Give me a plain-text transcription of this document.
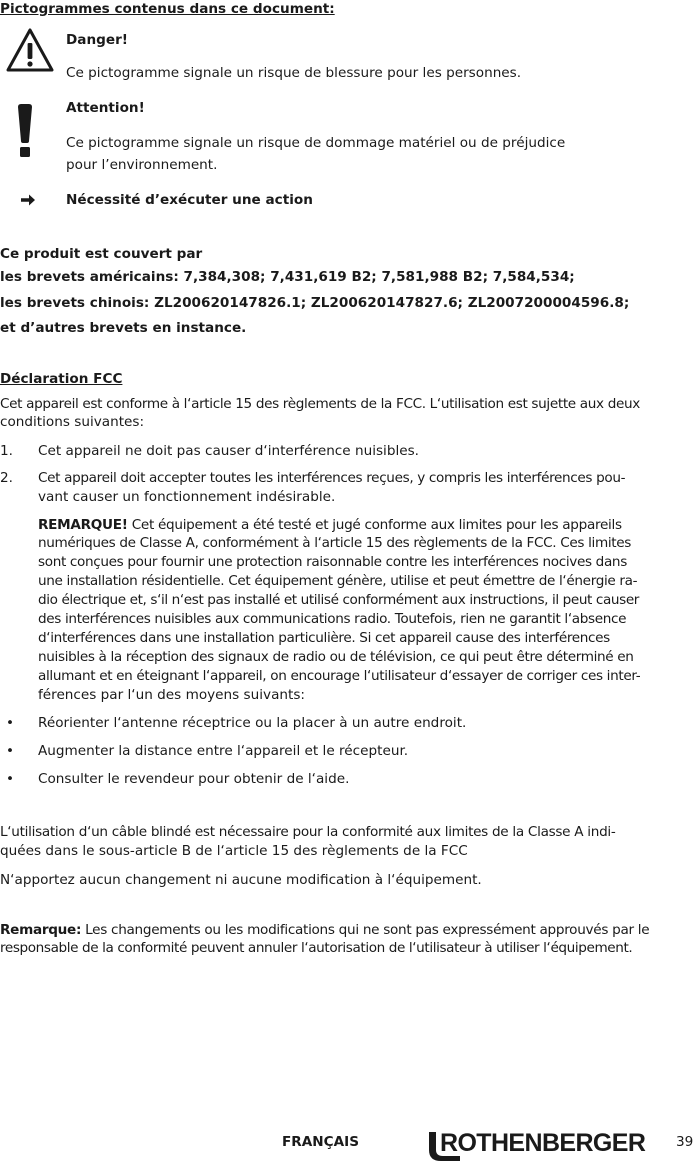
Pictogrammes contenus dans ce document:
Danger!
Ce pictogramme signale un risque de blessure pour les personnes.
Attention!
Ce pictogramme signale un risque de dommage matériel ou de préjudice
pour l’environnement.
Nécessité d’exécuter une action
Ce produit est couvert par
les brevets américains: 7,384,308; 7,431,619 B2; 7,581,988 B2; 7,584,534;
les brevets chinois: ZL200620147826.1; ZL200620147827.6; ZL2007200004596.8;
et d’autres brevets en instance.
Déclaration FCC
Cet appareil est conforme à l‘article 15 des règlements de la FCC. L‘utilisation est sujette aux deux
conditions suivantes:
1. Cet appareil ne doit pas causer d‘interférence nuisibles.
2. Cet appareil doit accepter toutes les interférences reçues, y compris les interférences pou-
vant causer un fonctionnement indésirable.
REMARQUE! Cet équipement a été testé et jugé conforme aux limites pour les appareils
numériques de Classe A, conformément à l‘article 15 des règlements de la FCC. Ces limites
sont conçues pour fournir une protection raisonnable contre les interférences nocives dans
une installation résidentielle. Cet équipement génère, utilise et peut émettre de l‘énergie ra-
dio électrique et, s‘il n‘est pas installé et utilisé conformément aux instructions, il peut causer
des interférences nuisibles aux communications radio. Toutefois, rien ne garantit l‘absence
d‘interférences dans une installation particulière. Si cet appareil cause des interférences
nuisibles à la réception des signaux de radio ou de télévision, ce qui peut être déterminé en
allumant et en éteignant l‘appareil, on encourage l‘utilisateur d‘essayer de corriger ces inter-
férences par l‘un des moyens suivants:
• Réorienter l‘antenne réceptrice ou la placer à un autre endroit.
• Augmenter la distance entre l‘appareil et le récepteur.
• Consulter le revendeur pour obtenir de l‘aide.
L‘utilisation d‘un câble blindé est nécessaire pour la conformité aux limites de la Classe A indi-
quées dans le sous-article B de l‘article 15 des règlements de la FCC
N‘apportez aucun changement ni aucune modification à l‘équipement.
Remarque: Les changements ou les modifications qui ne sont pas expressément approuvés par le
responsable de la conformité peuvent annuler l‘autorisation de l‘utilisateur à utiliser l‘équipement.
FRANÇAIS	ROTHENBERGER 39
